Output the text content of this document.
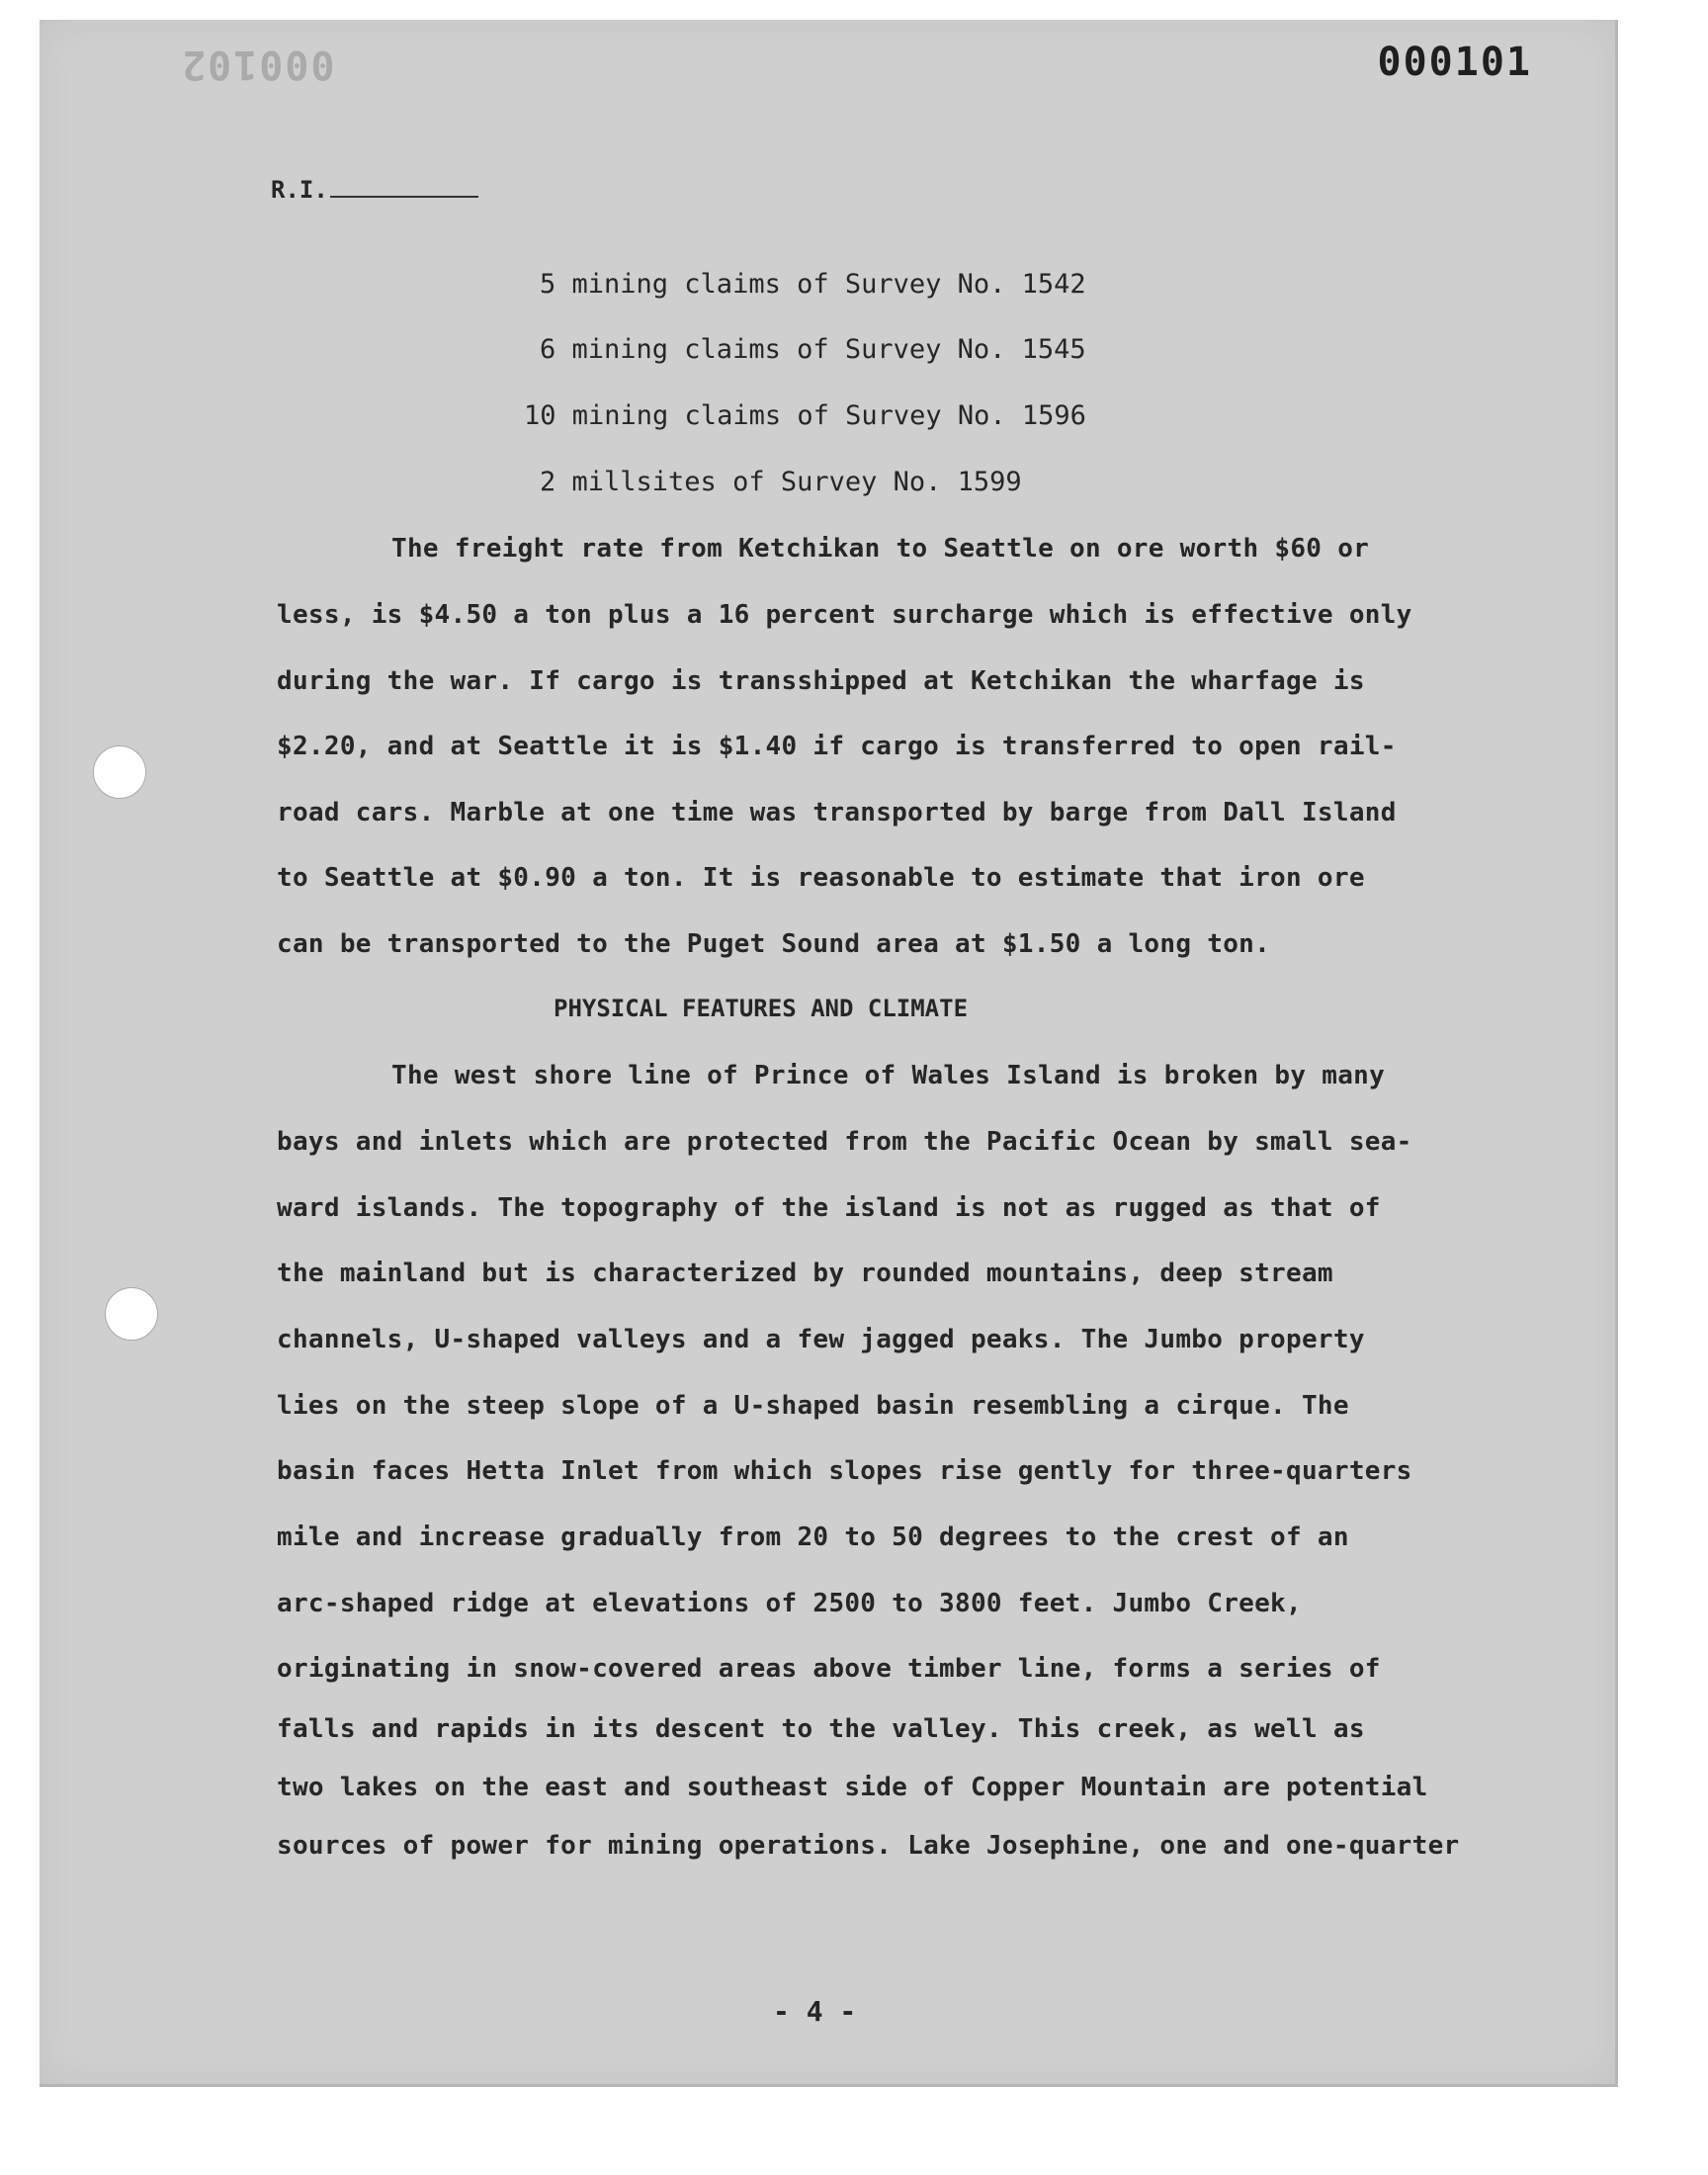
000102	000101
R.I.
5 mining claims of Survey No. 1542
6 mining claims of Survey No. 1545
10 mining claims of Survey No. 1596
2 millsites of Survey No. 1599
The freight rate from Ketchikan to Seattle on ore worth $60 or
less, is $4.50 a ton plus a 16 percent surcharge which is effective only
during the war. If cargo is transshipped at Ketchikan the wharfage is
$2.20, and at Seattle it is $1.40 if cargo is transferred to open rail-
road cars. Marble at one time was transported by barge from Dall Island
to Seattle at $0.90 a ton. It is reasonable to estimate that iron ore
can be transported to the Puget Sound area at $1.50 a long ton.
PHYSICAL FEATURES AND CLIMATE
The west shore line of Prince of Wales Island is broken by many
bays and inlets which are protected from the Pacific Ocean by small sea-
ward islands. The topography of the island is not as rugged as that of
the mainland but is characterized by rounded mountains, deep stream
channels, U-shaped valleys and a few jagged peaks. The Jumbo property
lies on the steep slope of a U-shaped basin resembling a cirque. The
basin faces Hetta Inlet from which slopes rise gently for three-quarters
mile and increase gradually from 20 to 50 degrees to the crest of an
arc-shaped ridge at elevations of 2500 to 3800 feet. Jumbo Creek,
originating in snow-covered areas above timber line, forms a series of
falls and rapids in its descent to the valley. This creek, as well as
two lakes on the east and southeast side of Copper Mountain are potential
sources of power for mining operations. Lake Josephine, one and one-quarter
- 4 -
